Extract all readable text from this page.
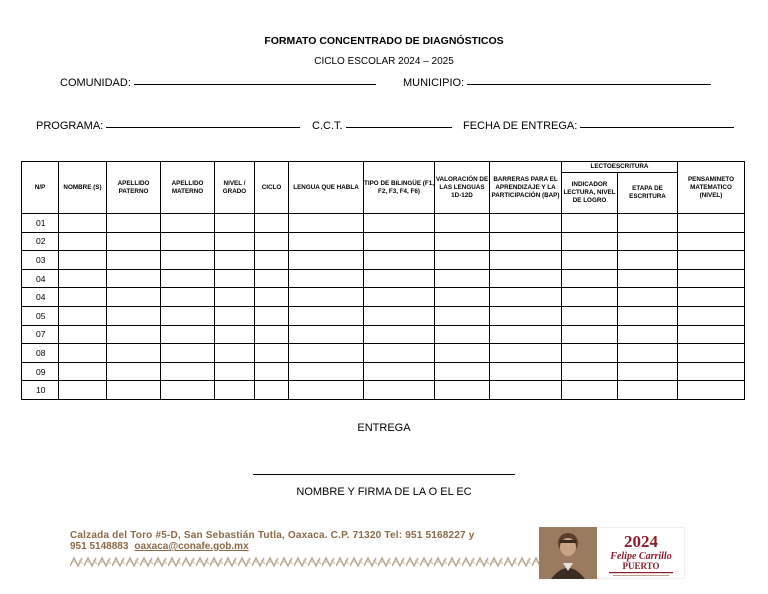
FORMATO CONCENTRADO DE DIAGNÓSTICOS
CICLO ESCOLAR 2024 – 2025
COMUNIDAD:	MUNICIPIO:
PROGRAMA:	C.C.T.	FECHA DE ENTREGA:
N/P	NOMBRE (S)	APELLIDO PATERNO	APELLIDO MATERNO	NIVEL / GRADO	CICLO	LENGUA QUE HABLA	TIPO DE BILINGÜE (F1, F2, F3, F4, F6)	VALORACIÓN DE LAS LENGUAS 1D-12D	BARRERAS PARA EL APRENDIZAJE Y LA PARTICIPACIÓN (BAP)	LECTOESCRITURA		PENSAMINETO MATEMATICO (NIVEL)
										INDICADOR LECTURA, NIVEL DE LOGRO	ETAPA DE ESCRITURA	
01												
02												
03												
04												
04												
05												
07												
08												
09												
10												
ENTREGA
NOMBRE Y FIRMA DE LA O EL EC
Calzada del Toro #5-D, San Sebastián Tutla, Oaxaca. C.P. 71320 Tel: 951 5168227 y
951 5148883 oaxaca@conafe.gob.mx	2024
Felipe Carrillo
PUERTO
